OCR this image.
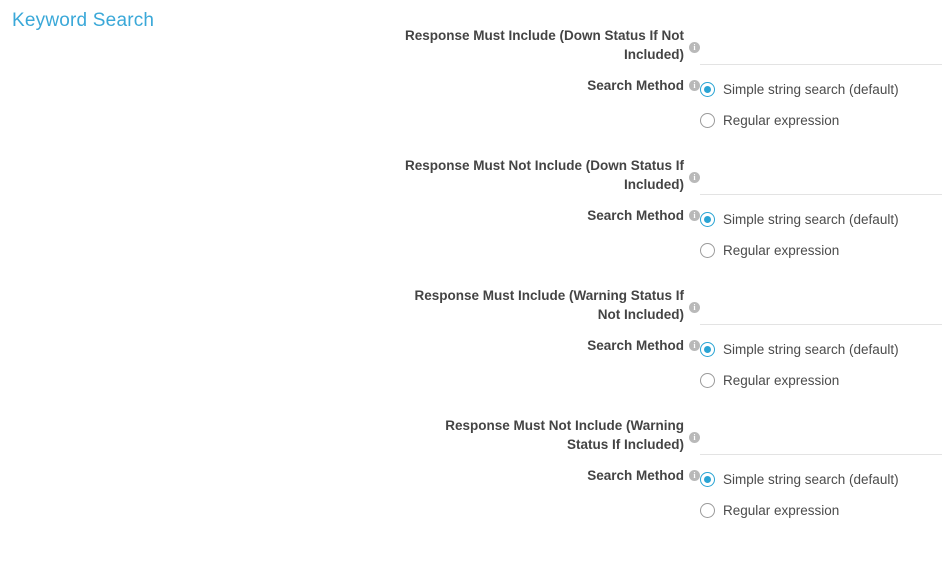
Keyword Search
Response Must Include (Down Status If Not Included)	i
Search Method	i	Simple string search (default)
Regular expression
Response Must Not Include (Down Status If Included)	i
Search Method	i	Simple string search (default)
Regular expression
Response Must Include (Warning Status If Not Included)	i
Search Method	i	Simple string search (default)
Regular expression
Response Must Not Include (Warning Status If Included)	i
Search Method	i	Simple string search (default)
Regular expression
